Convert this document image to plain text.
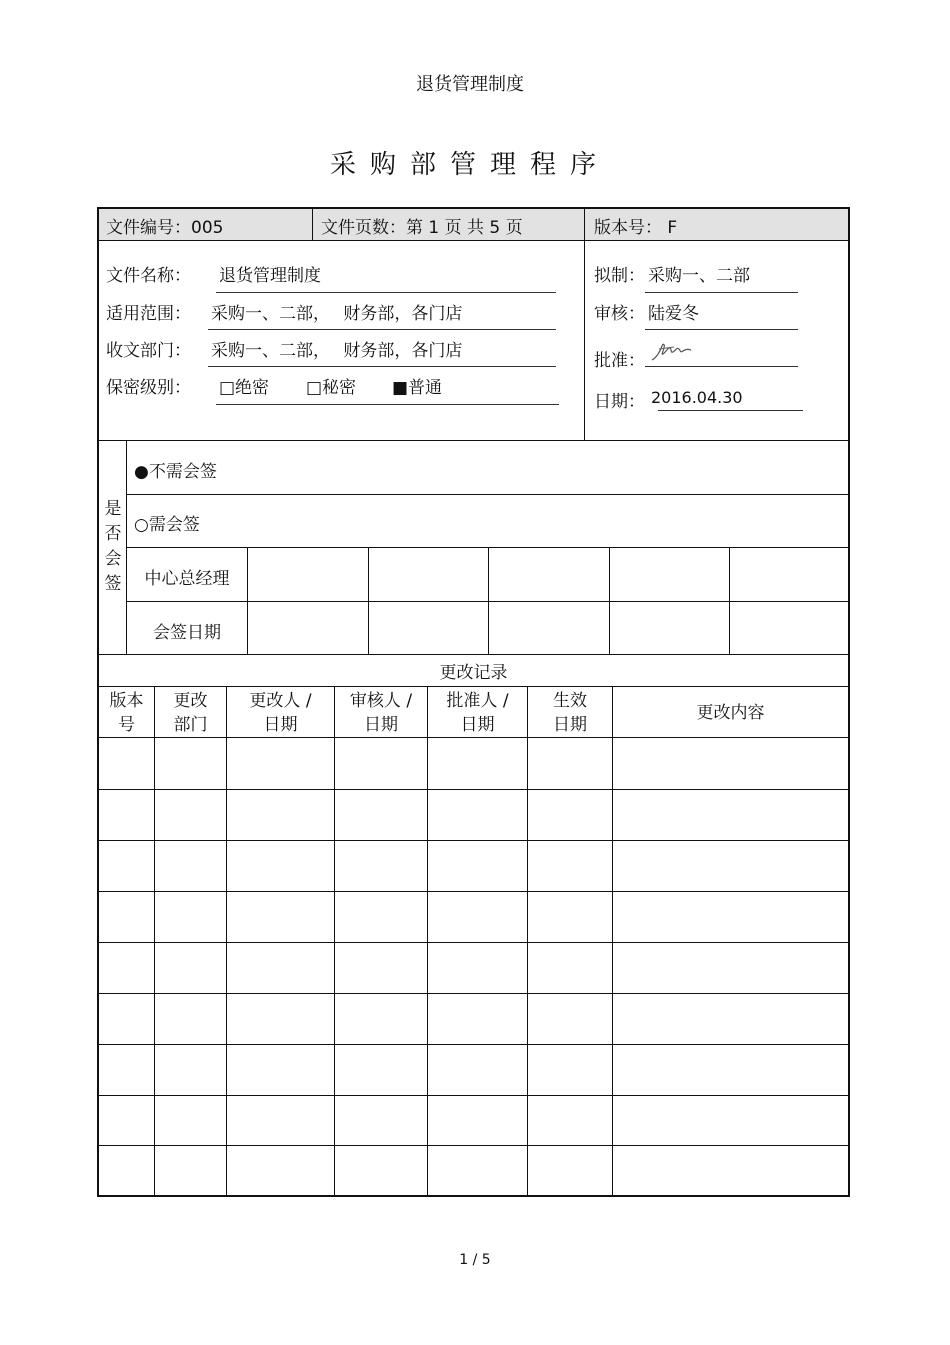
退货管理制度
采购部管理程序
文件编号：005	文件页数：第 1 页 共 5 页	版本号： F
文件名称： 退货管理制度
适用范围： 采购一、二部， 财务部，各门店
收文部门： 采购一、二部， 财务部，各门店
保密级别： □绝密 □秘密 ■普通
拟制： 采购一、二部
审核： 陆爱冬
批准：
日期： 2016.04.30
是
否
会
签
●不需会签
○需会签
中心总经理
会签日期
更改记录
版本
号
更改
部门
更改人 /
日期
审核人 /
日期
批准人 /
日期
生效
日期
更改内容
1 / 5
